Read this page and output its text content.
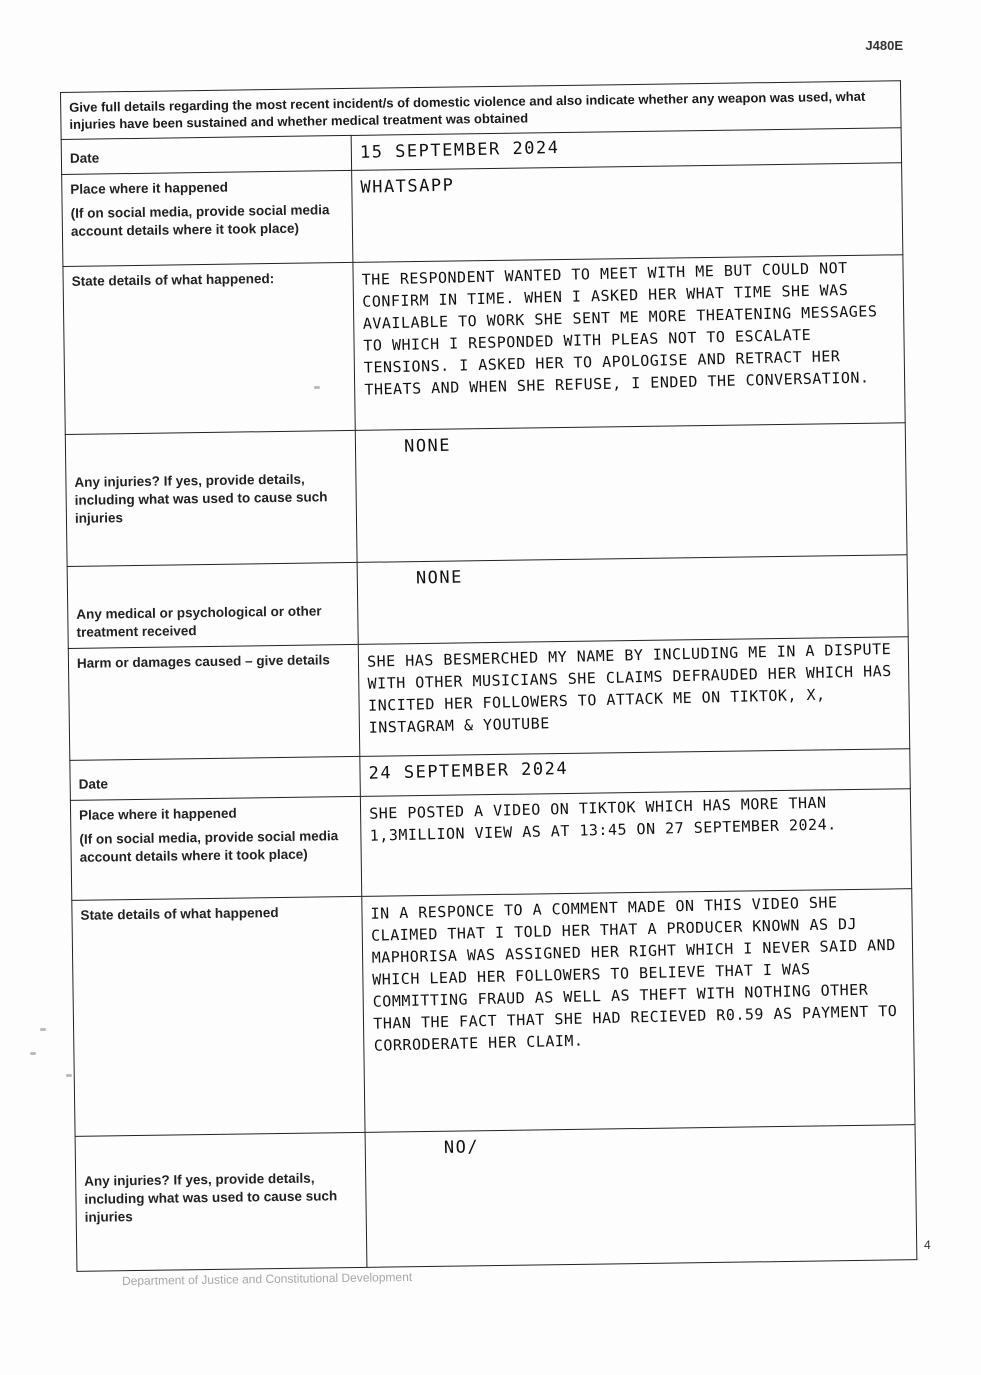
J480E
Give full details regarding the most recent incident/s of domestic violence and also indicate whether any weapon was used, what injuries have been sustained and whether medical treatment was obtained	
Date	15 SEPTEMBER 2024

Place where it happened
(If on social media, provide social media account details where it took place)	WHATSAPP

State details of what happened:	THE RESPONDENT WANTED TO MEET WITH ME BUT COULD NOT CONFIRM IN TIME. WHEN I ASKED HER WHAT TIME SHE WAS AVAILABLE TO WORK SHE SENT ME MORE THEATENING MESSAGES TO WHICH I RESPONDED WITH PLEAS NOT TO ESCALATE TENSIONS. I ASKED HER TO APOLOGISE AND RETRACT HER THEATS AND WHEN SHE REFUSE, I ENDED THE CONVERSATION.

Any injuries? If yes, provide details, including what was used to cause such injuries	NONE

Any medical or psychological or other treatment received	NONE

Harm or damages caused – give details	SHE HAS BESMERCHED MY NAME BY INCLUDING ME IN A DISPUTE WITH OTHER MUSICIANS SHE CLAIMS DEFRAUDED HER WHICH HAS INCITED HER FOLLOWERS TO ATTACK ME ON TIKTOK, X, INSTAGRAM & YOUTUBE

Date	24 SEPTEMBER 2024

Place where it happened
(If on social media, provide social media account details where it took place)	SHE POSTED A VIDEO ON TIKTOK WHICH HAS MORE THAN 1,3MILLION VIEW AS AT 13:45 ON 27 SEPTEMBER 2024.

State details of what happened	IN A RESPONCE TO A COMMENT MADE ON THIS VIDEO SHE CLAIMED THAT I TOLD HER THAT A PRODUCER KNOWN AS DJ MAPHORISA WAS ASSIGNED HER RIGHT WHICH I NEVER SAID AND WHICH LEAD HER FOLLOWERS TO BELIEVE THAT I WAS COMMITTING FRAUD AS WELL AS THEFT WITH NOTHING OTHER THAN THE FACT THAT SHE HAD RECIEVED R0.59 AS PAYMENT TO CORRODERATE HER CLAIM.

Any injuries? If yes, provide details, including what was used to cause such injuries	NO/
4
Department of Justice and Constitutional Development
